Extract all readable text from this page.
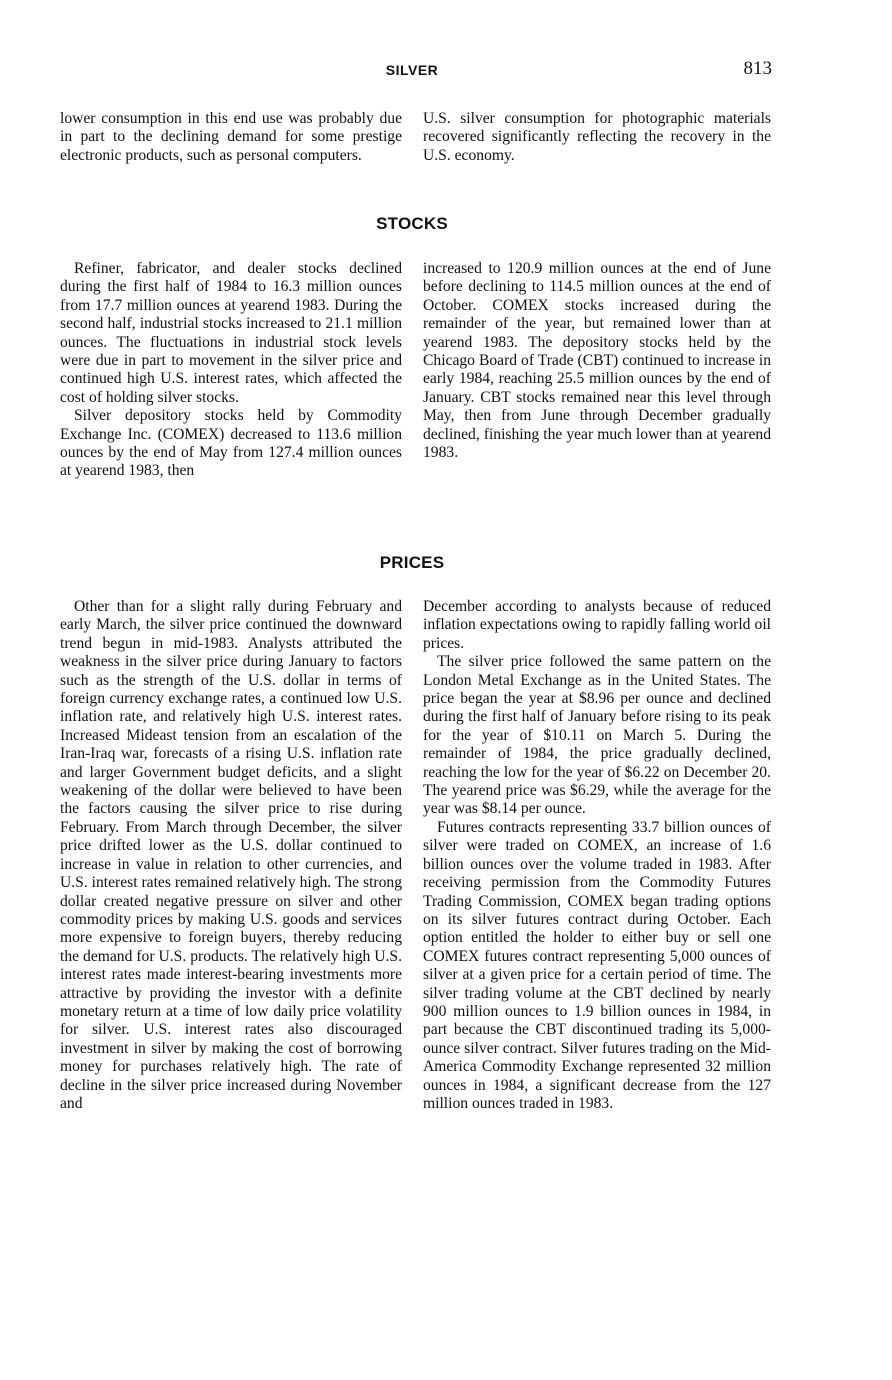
SILVER	813

lower consumption in this end use was probably due in part to the declining demand for some prestige electronic products, such as personal computers.

U.S. silver consumption for photographic materials recovered significantly reflecting the recovery in the U.S. economy.

STOCKS

Refiner, fabricator, and dealer stocks declined during the first half of 1984 to 16.3 million ounces from 17.7 million ounces at yearend 1983. During the second half, industrial stocks increased to 21.1 million ounces. The fluctuations in industrial stock levels were due in part to movement in the silver price and continued high U.S. interest rates, which affected the cost of holding silver stocks.

Silver depository stocks held by Commodity Exchange Inc. (COMEX) decreased to 113.6 million ounces by the end of May from 127.4 million ounces at yearend 1983, then

increased to 120.9 million ounces at the end of June before declining to 114.5 million ounces at the end of October. COMEX stocks increased during the remainder of the year, but remained lower than at yearend 1983. The depository stocks held by the Chicago Board of Trade (CBT) continued to increase in early 1984, reaching 25.5 million ounces by the end of January. CBT stocks remained near this level through May, then from June through December gradually declined, finishing the year much lower than at yearend 1983.

PRICES

Other than for a slight rally during February and early March, the silver price continued the downward trend begun in mid-1983. Analysts attributed the weakness in the silver price during January to factors such as the strength of the U.S. dollar in terms of foreign currency exchange rates, a continued low U.S. inflation rate, and relatively high U.S. interest rates. Increased Mideast tension from an escalation of the Iran-Iraq war, forecasts of a rising U.S. inflation rate and larger Government budget deficits, and a slight weakening of the dollar were believed to have been the factors causing the silver price to rise during February. From March through December, the silver price drifted lower as the U.S. dollar continued to increase in value in relation to other currencies, and U.S. interest rates remained relatively high. The strong dollar created negative pressure on silver and other commodity prices by making U.S. goods and services more expensive to foreign buyers, thereby reducing the demand for U.S. products. The relatively high U.S. interest rates made interest-bearing investments more attractive by providing the investor with a definite monetary return at a time of low daily price volatility for silver. U.S. interest rates also discouraged investment in silver by making the cost of borrowing money for purchases relatively high. The rate of decline in the silver price increased during November and

December according to analysts because of reduced inflation expectations owing to rapidly falling world oil prices.

The silver price followed the same pattern on the London Metal Exchange as in the United States. The price began the year at $8.96 per ounce and declined during the first half of January before rising to its peak for the year of $10.11 on March 5. During the remainder of 1984, the price gradually declined, reaching the low for the year of $6.22 on December 20. The yearend price was $6.29, while the average for the year was $8.14 per ounce.

Futures contracts representing 33.7 billion ounces of silver were traded on COMEX, an increase of 1.6 billion ounces over the volume traded in 1983. After receiving permission from the Commodity Futures Trading Commission, COMEX began trading options on its silver futures contract during October. Each option entitled the holder to either buy or sell one COMEX futures contract representing 5,000 ounces of silver at a given price for a certain period of time. The silver trading volume at the CBT declined by nearly 900 million ounces to 1.9 billion ounces in 1984, in part because the CBT discontinued trading its 5,000-ounce silver contract. Silver futures trading on the Mid-America Commodity Exchange represented 32 million ounces in 1984, a significant decrease from the 127 million ounces traded in 1983.
